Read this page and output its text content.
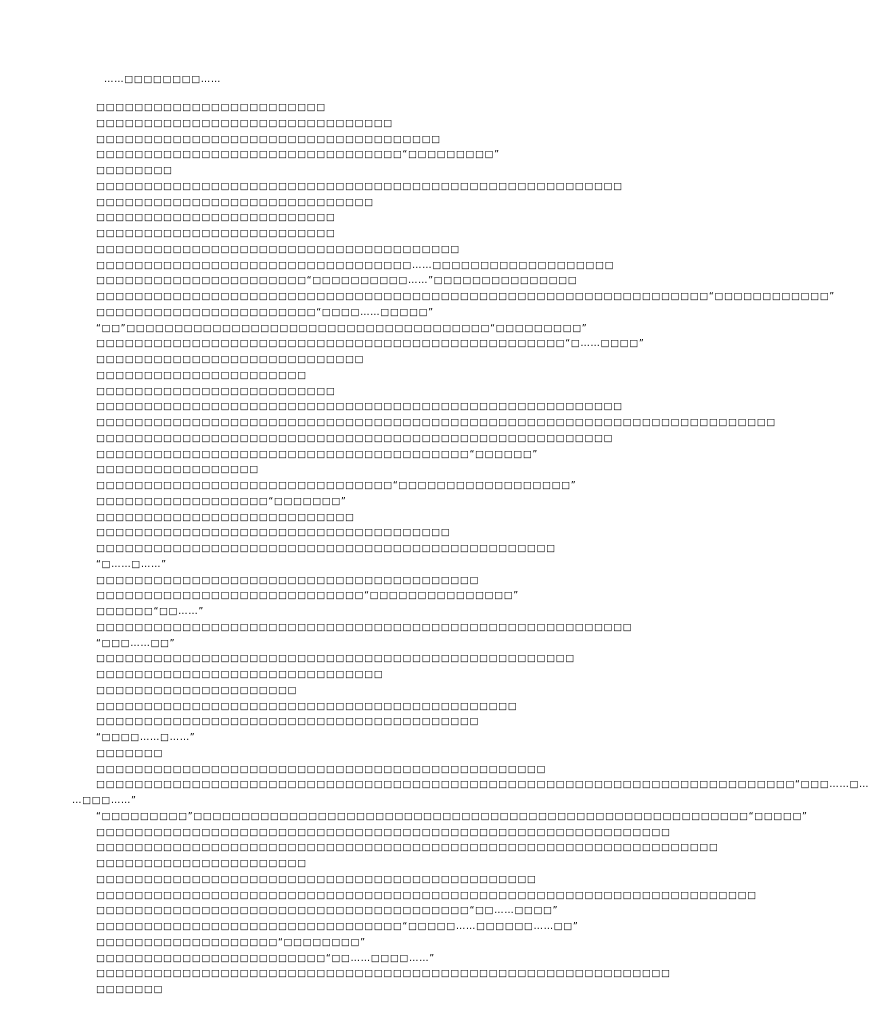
……□□□□□□□□……
□□□□□□□□□□□□□□□□□□□□□□□□
□□□□□□□□□□□□□□□□□□□□□□□□□□□□□□□
□□□□□□□□□□□□□□□□□□□□□□□□□□□□□□□□□□□□
□□□□□□□□□□□□□□□□□□□□□□□□□□□□□□□□“□□□□□□□□□”
□□□□□□□□
□□□□□□□□□□□□□□□□□□□□□□□□□□□□□□□□□□□□□□□□□□□□□□□□□□□□□□□
□□□□□□□□□□□□□□□□□□□□□□□□□□□□□
□□□□□□□□□□□□□□□□□□□□□□□□□
□□□□□□□□□□□□□□□□□□□□□□□□□
□□□□□□□□□□□□□□□□□□□□□□□□□□□□□□□□□□□□□□
□□□□□□□□□□□□□□□□□□□□□□□□□□□□□□□□□……□□□□□□□□□□□□□□□□□□□
□□□□□□□□□□□□□□□□□□□□□□“□□□□□□□□□□……”□□□□□□□□□□□□□□□
□□□□□□□□□□□□□□□□□□□□□□□□□□□□□□□□□□□□□□□□□□□□□□□□□□□□□□□□□□□□□□□□“□□□□□□□□□□□□”
□□□□□□□□□□□□□□□□□□□□□□□“□□□□……□□□□□”
“□□”□□□□□□□□□□□□□□□□□□□□□□□□□□□□□□□□□□□□□□“□□□□□□□□□”
□□□□□□□□□□□□□□□□□□□□□□□□□□□□□□□□□□□□□□□□□□□□□□□□□“□……□□□□”
□□□□□□□□□□□□□□□□□□□□□□□□□□□□
□□□□□□□□□□□□□□□□□□□□□□
□□□□□□□□□□□□□□□□□□□□□□□□□
□□□□□□□□□□□□□□□□□□□□□□□□□□□□□□□□□□□□□□□□□□□□□□□□□□□□□□□
□□□□□□□□□□□□□□□□□□□□□□□□□□□□□□□□□□□□□□□□□□□□□□□□□□□□□□□□□□□□□□□□□□□□□□□
□□□□□□□□□□□□□□□□□□□□□□□□□□□□□□□□□□□□□□□□□□□□□□□□□□□□□□
□□□□□□□□□□□□□□□□□□□□□□□□□□□□□□□□□□□□□□□“□□□□□□”
□□□□□□□□□□□□□□□□□
□□□□□□□□□□□□□□□□□□□□□□□□□□□□□□□“□□□□□□□□□□□□□□□□□□”
□□□□□□□□□□□□□□□□□□“□□□□□□□”
□□□□□□□□□□□□□□□□□□□□□□□□□□□
□□□□□□□□□□□□□□□□□□□□□□□□□□□□□□□□□□□□□
□□□□□□□□□□□□□□□□□□□□□□□□□□□□□□□□□□□□□□□□□□□□□□□□
“□……□……”
□□□□□□□□□□□□□□□□□□□□□□□□□□□□□□□□□□□□□□□□
□□□□□□□□□□□□□□□□□□□□□□□□□□□□“□□□□□□□□□□□□□□□”
□□□□□□“□□……”
□□□□□□□□□□□□□□□□□□□□□□□□□□□□□□□□□□□□□□□□□□□□□□□□□□□□□□□□
“□□□……□□”
□□□□□□□□□□□□□□□□□□□□□□□□□□□□□□□□□□□□□□□□□□□□□□□□□□
□□□□□□□□□□□□□□□□□□□□□□□□□□□□□□
□□□□□□□□□□□□□□□□□□□□□
□□□□□□□□□□□□□□□□□□□□□□□□□□□□□□□□□□□□□□□□□□□□
□□□□□□□□□□□□□□□□□□□□□□□□□□□□□□□□□□□□□□□□
“□□□□……□……”
□□□□□□□
□□□□□□□□□□□□□□□□□□□□□□□□□□□□□□□□□□□□□□□□□□□□□□□
□□□□□□□□□□□□□□□□□□□□□□□□□□□□□□□□□□□□□□□□□□□□□□□□□□□□□□□□□□□□□□□□□□□□□□□□□“□□□……□…
…□□□……”
“□□□□□□□□□”□□□□□□□□□□□□□□□□□□□□□□□□□□□□□□□□□□□□□□□□□□□□□□□□□□□□□□□□□□“□□□□□”
□□□□□□□□□□□□□□□□□□□□□□□□□□□□□□□□□□□□□□□□□□□□□□□□□□□□□□□□□□□□
□□□□□□□□□□□□□□□□□□□□□□□□□□□□□□□□□□□□□□□□□□□□□□□□□□□□□□□□□□□□□□□□□
□□□□□□□□□□□□□□□□□□□□□□
□□□□□□□□□□□□□□□□□□□□□□□□□□□□□□□□□□□□□□□□□□□□□□
□□□□□□□□□□□□□□□□□□□□□□□□□□□□□□□□□□□□□□□□□□□□□□□□□□□□□□□□□□□□□□□□□□□□□
□□□□□□□□□□□□□□□□□□□□□□□□□□□□□□□□□□□□□□□“□□……□□□□”
□□□□□□□□□□□□□□□□□□□□□□□□□□□□□□□□“□□□□□……□□□□□□……□□”
□□□□□□□□□□□□□□□□□□□“□□□□□□□□”
□□□□□□□□□□□□□□□□□□□□□□□□“□□……□□□□……”
□□□□□□□□□□□□□□□□□□□□□□□□□□□□□□□□□□□□□□□□□□□□□□□□□□□□□□□□□□□□
□□□□□□□
